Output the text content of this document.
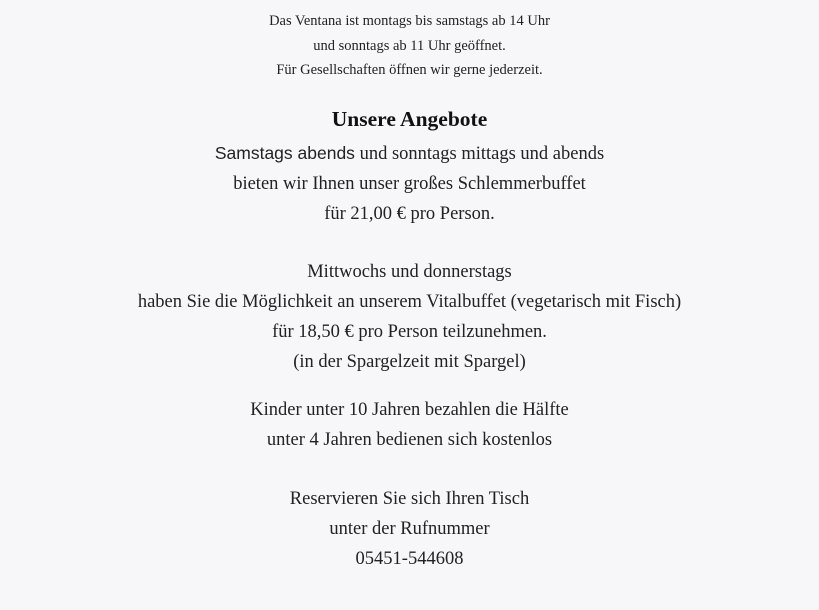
Das Ventana ist montags bis samstags ab 14 Uhr
und sonntags ab 11 Uhr geöffnet.
Für Gesellschaften öffnen wir gerne jederzeit.
Unsere Angebote
Samstags abends und sonntags mittags und abends
bieten wir Ihnen unser großes Schlemmerbuffet
für 21,00 € pro Person.
Mittwochs und donnerstags
haben Sie die Möglichkeit an unserem Vitalbuffet (vegetarisch mit Fisch)
für 18,50 € pro Person teilzunehmen.
(in der Spargelzeit mit Spargel)
Kinder unter 10 Jahren bezahlen die Hälfte
unter 4 Jahren bedienen sich kostenlos
Reservieren Sie sich Ihren Tisch
unter der Rufnummer
05451-544608
